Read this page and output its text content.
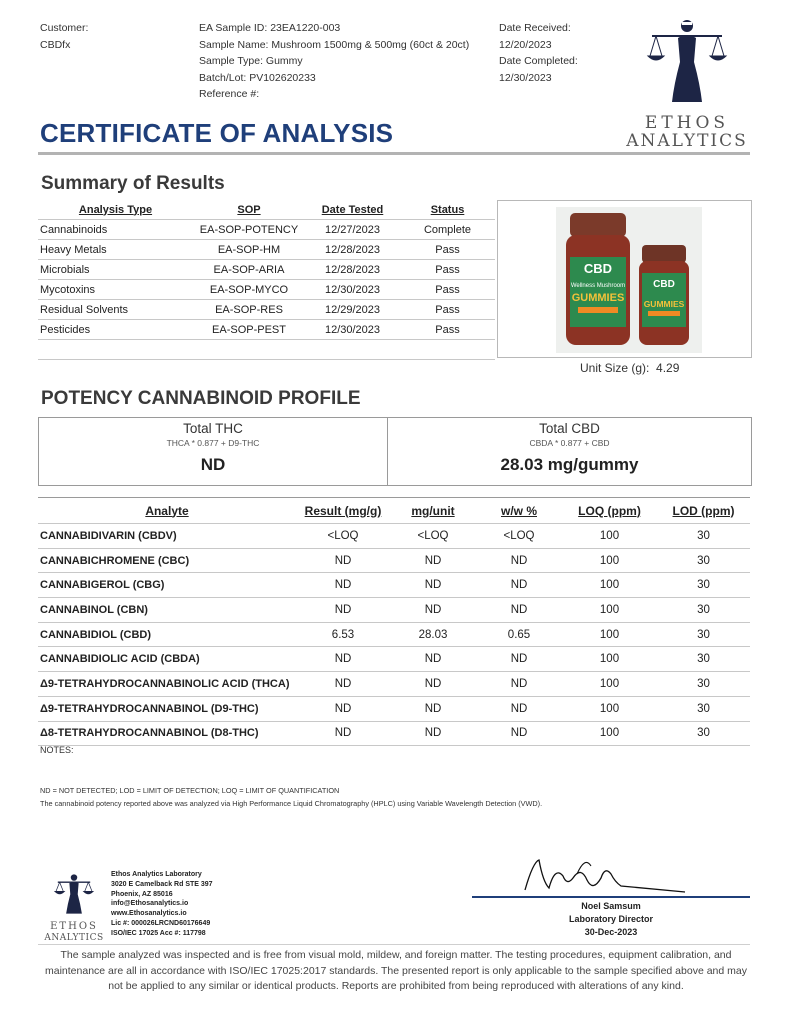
Customer:
CBDfx
EA Sample ID: 23EA1220-003
Sample Name: Mushroom 1500mg & 500mg (60ct & 20ct)
Sample Type: Gummy
Batch/Lot: PV102620233
Reference #:
Date Received:
12/20/2023
Date Completed:
12/30/2023
ETHOS
ANALYTICS
CERTIFICATE OF ANALYSIS
Summary of Results
Analysis Type	SOP	Date Tested	Status
Cannabinoids	EA-SOP-POTENCY	12/27/2023	Complete
Heavy Metals	EA-SOP-HM	12/28/2023	Pass
Microbials	EA-SOP-ARIA	12/28/2023	Pass
Mycotoxins	EA-SOP-MYCO	12/30/2023	Pass
Residual Solvents	EA-SOP-RES	12/29/2023	Pass
Pesticides	EA-SOP-PEST	12/30/2023	Pass

CBD
Wellness Mushroom
GUMMIES
CBD
GUMMIES
Unit Size (g):  4.29
POTENCY CANNABINOID PROFILE
Total THC
THCA * 0.877 + D9-THC
ND
Total CBD
CBDA * 0.877 + CBD
28.03 mg/gummy
Analyte	Result (mg/g)	mg/unit	w/w %	LOQ (ppm)	LOD (ppm)
CANNABIDIVARIN (CBDV)	<LOQ	<LOQ	<LOQ	100	30
CANNABICHROMENE (CBC)	ND	ND	ND	100	30
CANNABIGEROL (CBG)	ND	ND	ND	100	30
CANNABINOL (CBN)	ND	ND	ND	100	30
CANNABIDIOL (CBD)	6.53	28.03	0.65	100	30
CANNABIDIOLIC ACID (CBDA)	ND	ND	ND	100	30
Δ9-TETRAHYDROCANNABINOLIC ACID (THCA)	ND	ND	ND	100	30
Δ9-TETRAHYDROCANNABINOL (D9-THC)	ND	ND	ND	100	30
Δ8-TETRAHYDROCANNABINOL (D8-THC)	ND	ND	ND	100	30
NOTES:
ND = NOT DETECTED; LOD = LIMIT OF DETECTION; LOQ = LIMIT OF QUANTIFICATION
The cannabinoid potency reported above was analyzed via High Performance Liquid Chromatography (HPLC) using Variable Wavelength Detection (VWD).
ETHOS
ANALYTICS
Ethos Analytics Laboratory
3020 E Camelback Rd STE 397
Phoenix, AZ 85016
info@Ethosanalytics.io
www.Ethosanalytics.io
Lic #: 000026LRCND60176649
ISO/IEC 17025 Acc #: 117798
Noel Samsum
Laboratory Director
30-Dec-2023
The sample analyzed was inspected and is free from visual mold, mildew, and foreign matter. The testing procedures, equipment calibration, and maintenance are all in accordance with ISO/IEC 17025:2017 standards. The presented report is only applicable to the sample specified above and may not be applied to any similar or identical products. Reports are prohibited from being reproduced with alterations of any kind.
